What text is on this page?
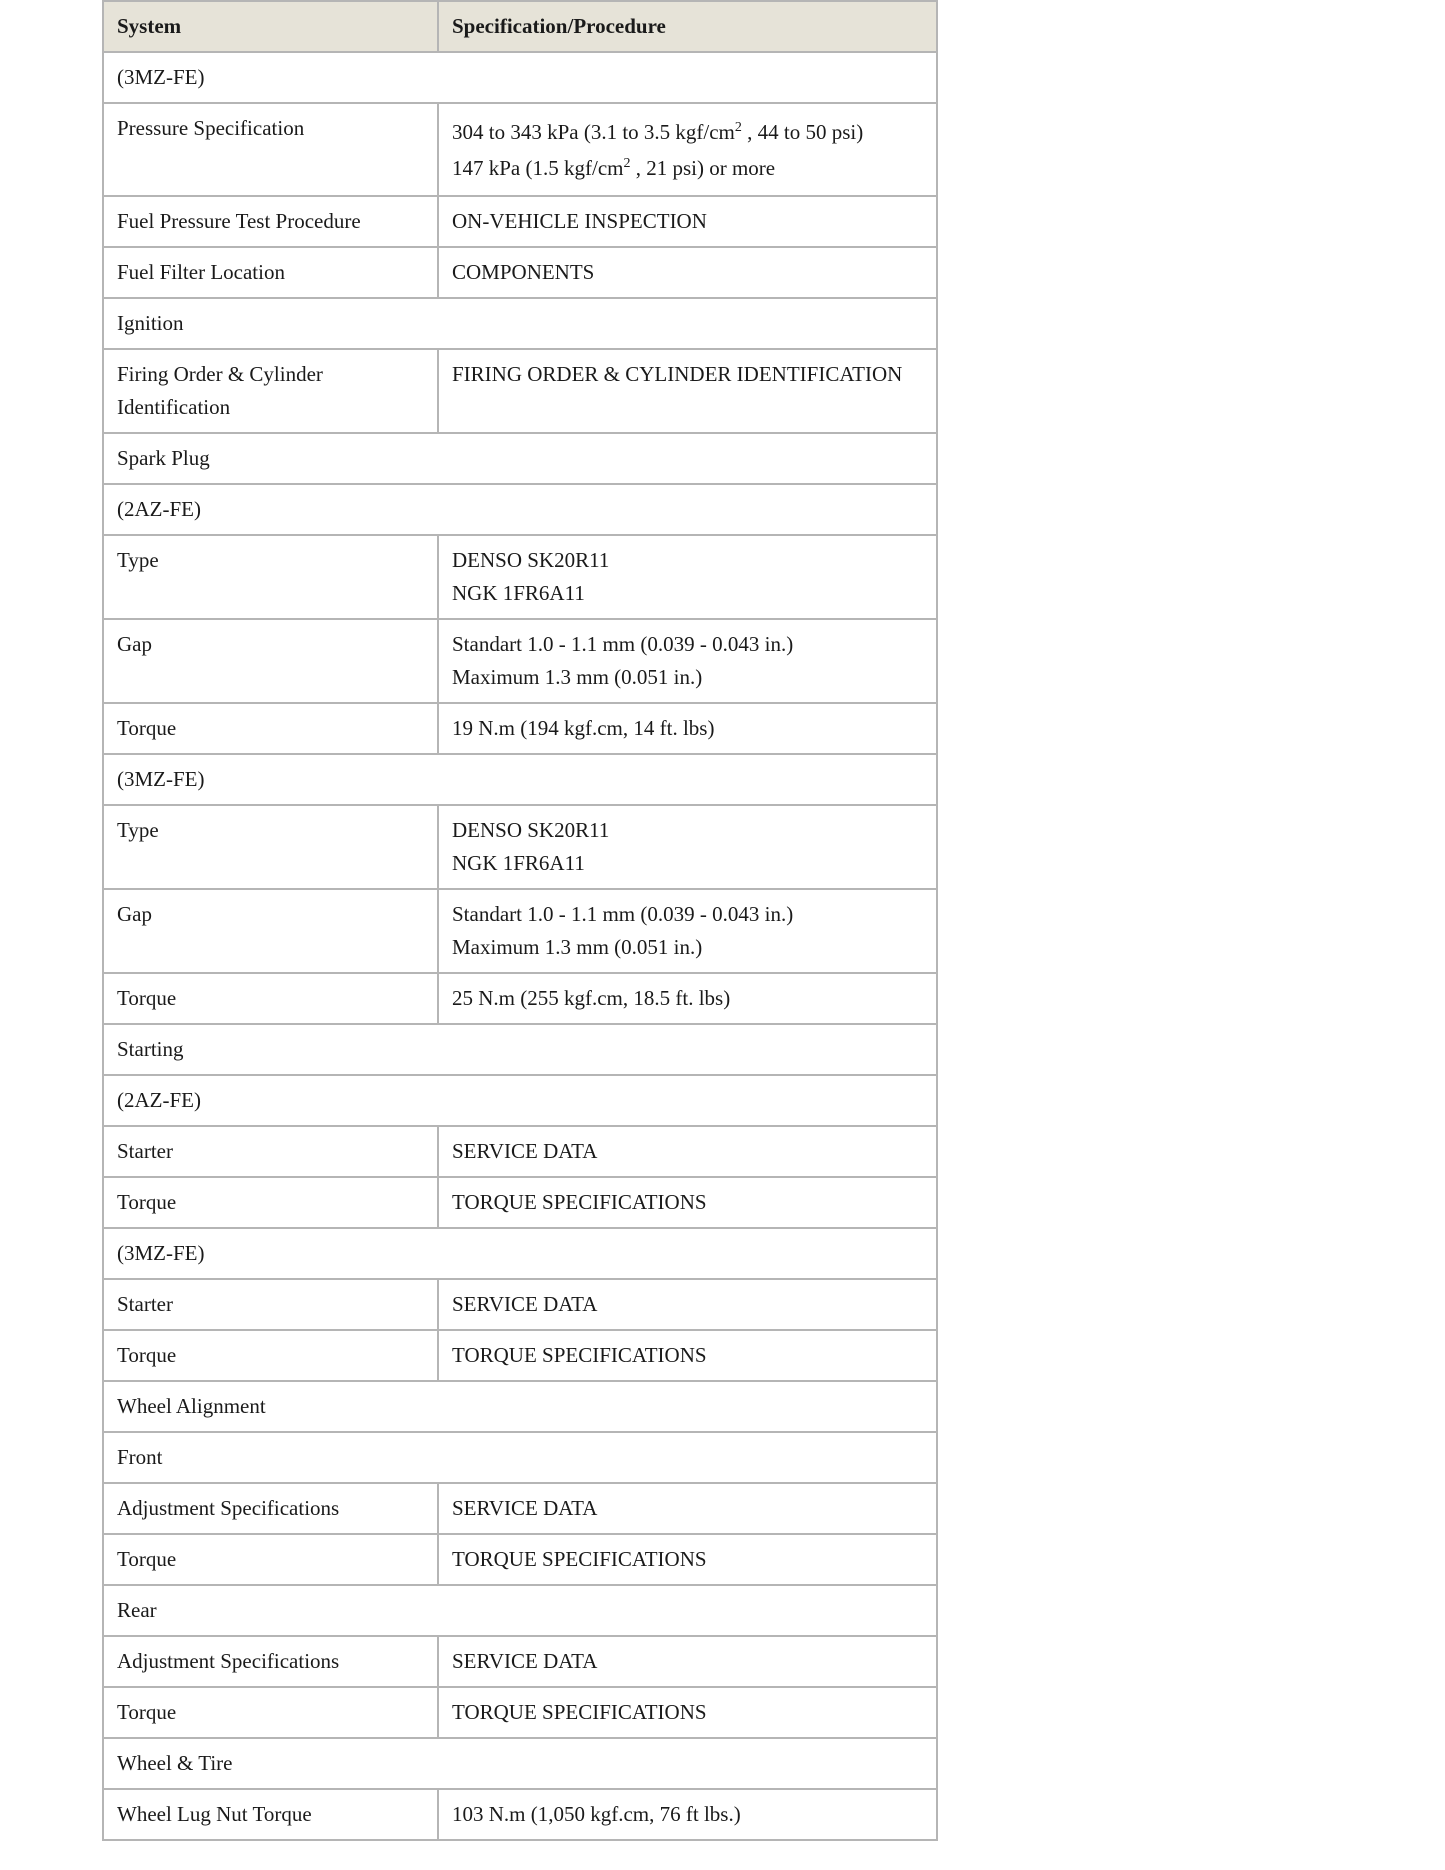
System	Specification/Procedure
(3MZ-FE)	
Pressure Specification	304 to 343 kPa (3.1 to 3.5 kgf/$cm^2$ , 44 to 50 psi)
147 kPa (1.5 kgf/$cm^2$ , 21 psi) or more

Fuel Pressure Test Procedure	ON-VEHICLE INSPECTION
Fuel Filter Location	COMPONENTS
Ignition	
Firing Order & Cylinder Identification	FIRING ORDER & CYLINDER IDENTIFICATION
Spark Plug	
(2AZ-FE)	
Type	DENSO SK20R11
NGK 1FR6A11

Gap	Standart 1.0 - 1.1 mm (0.039 - 0.043 in.)
Maximum 1.3 mm (0.051 in.)

Torque	19 N.m (194 kgf.cm, 14 ft. lbs)
(3MZ-FE)	
Type	DENSO SK20R11
NGK 1FR6A11

Gap	Standart 1.0 - 1.1 mm (0.039 - 0.043 in.)
Maximum 1.3 mm (0.051 in.)

Torque	25 N.m (255 kgf.cm, 18.5 ft. lbs)
Starting	
(2AZ-FE)	
Starter	SERVICE DATA
Torque	TORQUE SPECIFICATIONS
(3MZ-FE)	
Starter	SERVICE DATA
Torque	TORQUE SPECIFICATIONS
Wheel Alignment	
Front	
Adjustment Specifications	SERVICE DATA
Torque	TORQUE SPECIFICATIONS
Rear	
Adjustment Specifications	SERVICE DATA
Torque	TORQUE SPECIFICATIONS
Wheel & Tire	
Wheel Lug Nut Torque	103 N.m (1,050 kgf.cm, 76 ft lbs.)
